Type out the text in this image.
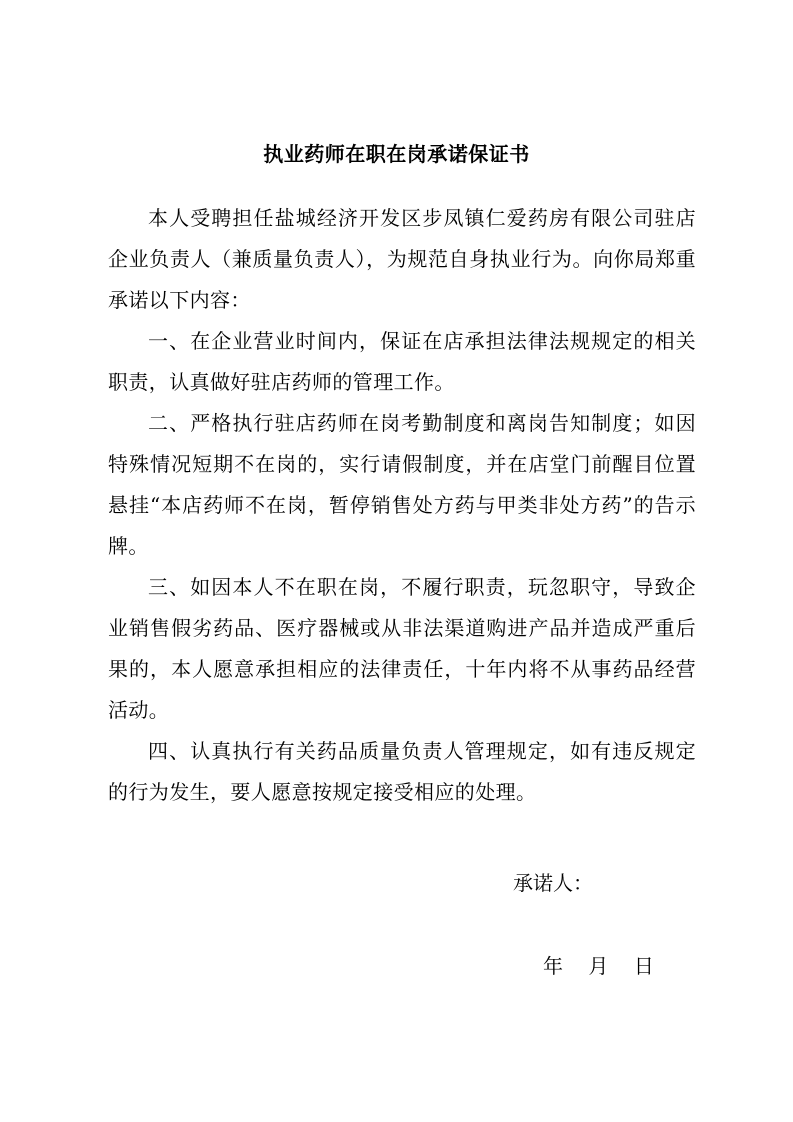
执业药师在职在岗承诺保证书

本人受聘担任盐城经济开发区步凤镇仁爱药房有限公司驻店企业负责人（兼质量负责人），为规范自身执业行为。向你局郑重承诺以下内容：

一、在企业营业时间内，保证在店承担法律法规规定的相关职责，认真做好驻店药师的管理工作。

二、严格执行驻店药师在岗考勤制度和离岗告知制度；如因特殊情况短期不在岗的，实行请假制度，并在店堂门前醒目位置悬挂“本店药师不在岗，暂停销售处方药与甲类非处方药”的告示牌。

三、如因本人不在职在岗，不履行职责，玩忽职守，导致企业销售假劣药品、医疗器械或从非法渠道购进产品并造成严重后果的，本人愿意承担相应的法律责任，十年内将不从事药品经营活动。

四、认真执行有关药品质量负责人管理规定，如有违反规定的行为发生，要人愿意按规定接受相应的处理。

承诺人：
年    月    日
